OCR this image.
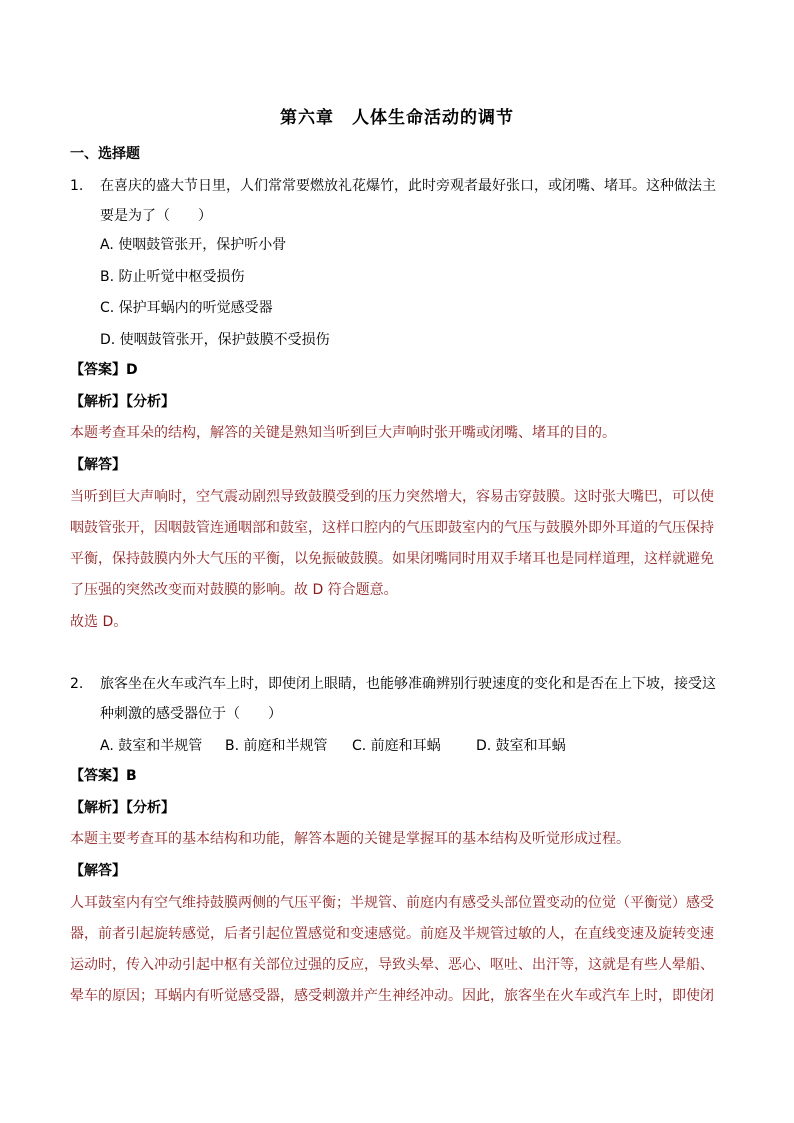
第六章　人体生命活动的调节
一、选择题
1. 在喜庆的盛大节日里，人们常常要燃放礼花爆竹，此时旁观者最好张口，或闭嘴、堵耳。这种做法主
要是为了（　　）
A. 使咽鼓管张开，保护听小骨
B. 防止听觉中枢受损伤
C. 保护耳蜗内的听觉感受器
D. 使咽鼓管张开，保护鼓膜不受损伤
【答案】D
【解析】【分析】
本题考查耳朵的结构，解答的关键是熟知当听到巨大声响时张开嘴或闭嘴、堵耳的目的。
【解答】
当听到巨大声响时，空气震动剧烈导致鼓膜受到的压力突然增大，容易击穿鼓膜。这时张大嘴巴，可以使
咽鼓管张开，因咽鼓管连通咽部和鼓室，这样口腔内的气压即鼓室内的气压与鼓膜外即外耳道的气压保持
平衡，保持鼓膜内外大气压的平衡，以免振破鼓膜。如果闭嘴同时用双手堵耳也是同样道理，这样就避免
了压强的突然改变而对鼓膜的影响。故 D 符合题意。
故选 D。
2. 旅客坐在火车或汽车上时，即使闭上眼睛，也能够准确辨别行驶速度的变化和是否在上下坡，接受这
种刺激的感受器位于（　　）
A. 鼓室和半规管 B. 前庭和半规管 C. 前庭和耳蜗	D. 鼓室和耳蜗
【答案】B
【解析】【分析】
本题主要考查耳的基本结构和功能，解答本题的关键是掌握耳的基本结构及听觉形成过程。
【解答】
人耳鼓室内有空气维持鼓膜两侧的气压平衡；半规管、前庭内有感受头部位置变动的位觉（平衡觉）感受
器，前者引起旋转感觉，后者引起位置感觉和变速感觉。前庭及半规管过敏的人，在直线变速及旋转变速
运动时，传入冲动引起中枢有关部位过强的反应，导致头晕、恶心、呕吐、出汗等，这就是有些人晕船、
晕车的原因；耳蜗内有听觉感受器，感受刺激并产生神经冲动。因此，旅客坐在火车或汽车上时，即使闭
